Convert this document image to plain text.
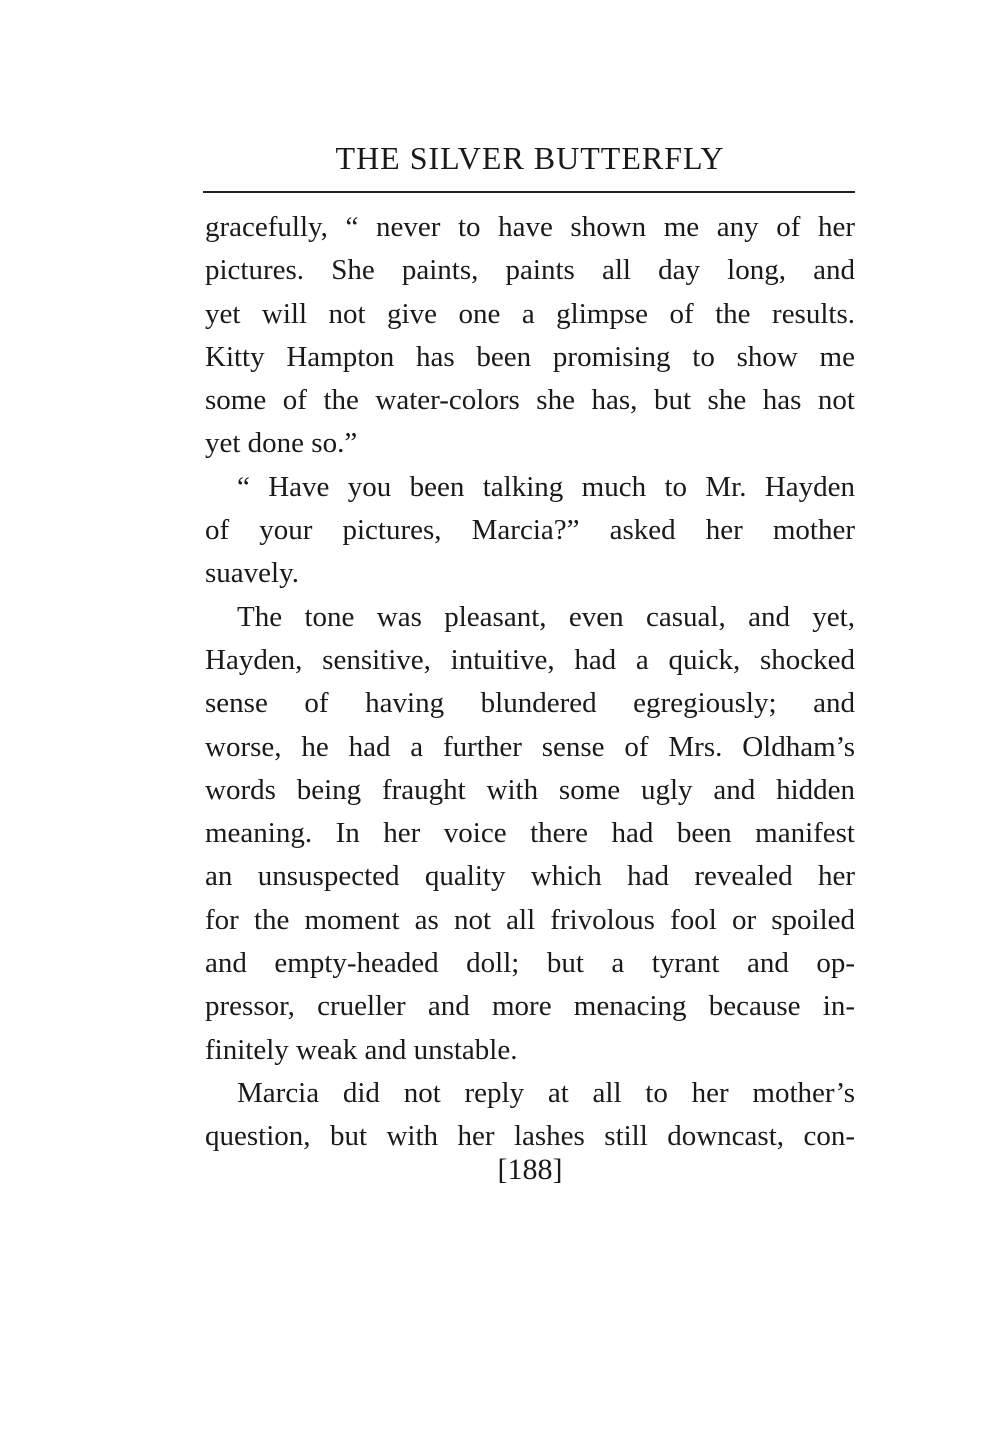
THE SILVER BUTTERFLY
gracefully, “ never to have shown me any of her
pictures. She paints, paints all day long, and
yet will not give one a glimpse of the results.
Kitty Hampton has been promising to show me
some of the water-colors she has, but she has not
yet done so.”
“ Have you been talking much to Mr. Hayden
of your pictures, Marcia?” asked her mother
suavely.
The tone was pleasant, even casual, and yet,
Hayden, sensitive, intuitive, had a quick, shocked
sense of having blundered egregiously; and
worse, he had a further sense of Mrs. Oldham’s
words being fraught with some ugly and hidden
meaning. In her voice there had been manifest
an unsuspected quality which had revealed her
for the moment as not all frivolous fool or spoiled
and empty-headed doll; but a tyrant and op-
pressor, crueller and more menacing because in-
finitely weak and unstable.
Marcia did not reply at all to her mother’s
question, but with her lashes still downcast, con-
[188]
